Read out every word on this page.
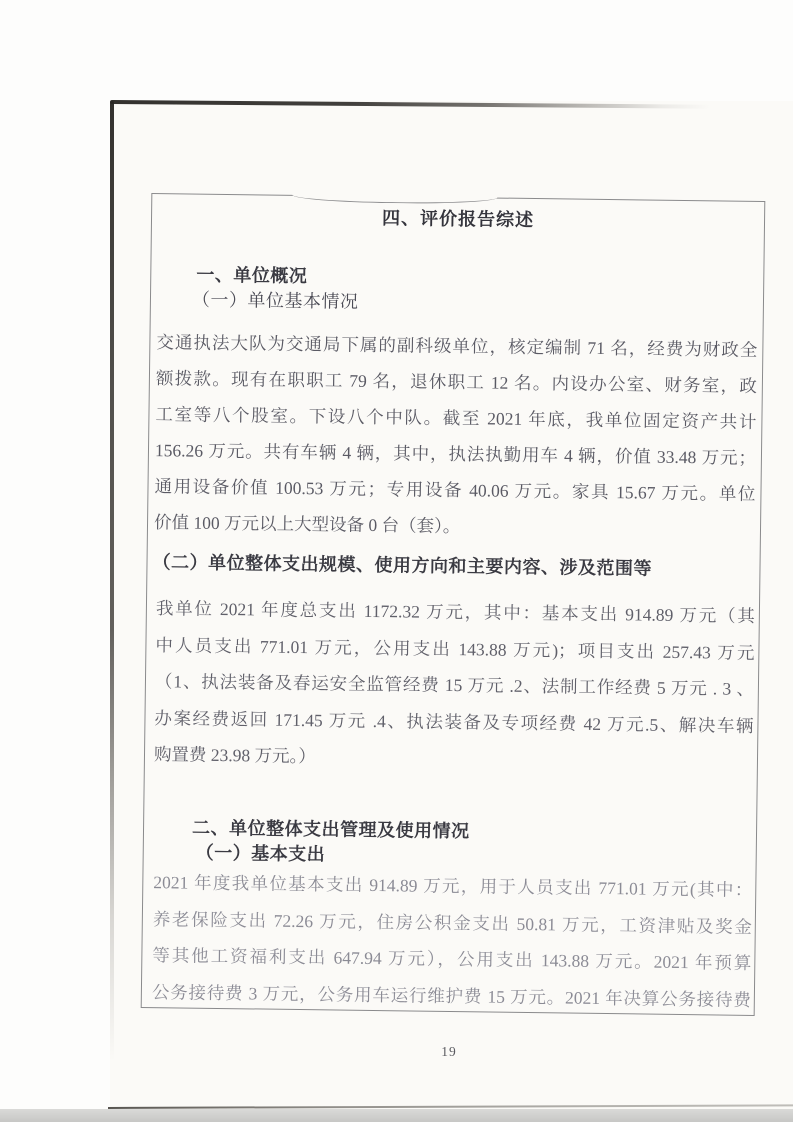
四、评价报告综述
一、单位概况
（一）单位基本情况
交通执法大队为交通局下属的副科级单位，核定编制 71 名，经费为财政全
额拨款。现有在职职工 79 名，退休职工 12 名。内设办公室、财务室，政
工室等八个股室。下设八个中队。截至 2021 年底，我单位固定资产共计
156.26 万元。共有车辆 4 辆，其中，执法执勤用车 4 辆，价值 33.48 万元；
通用设备价值 100.53 万元；专用设备 40.06 万元。家具 15.67 万元。单位
价值 100 万元以上大型设备 0 台（套）。
（二）单位整体支出规模、使用方向和主要内容、涉及范围等
我单位 2021 年度总支出 1172.32 万元，其中：基本支出 914.89 万元（其
中人员支出 771.01 万元，公用支出 143.88 万元)；项目支出 257.43 万元
（1、执法装备及春运安全监管经费 15 万元 .2、法制工作经费 5 万元 . 3 、
办案经费返回 171.45 万元 .4、执法装备及专项经费 42 万元.5、解决车辆
购置费 23.98 万元。）
二、单位整体支出管理及使用情况
（一）基本支出
2021 年度我单位基本支出 914.89 万元，用于人员支出 771.01 万元(其中：
养老保险支出 72.26 万元，住房公积金支出 50.81 万元，工资津贴及奖金
等其他工资福利支出 647.94 万元），公用支出 143.88 万元。2021 年预算
公务接待费 3 万元，公务用车运行维护费 15 万元。2021 年决算公务接待费
19
